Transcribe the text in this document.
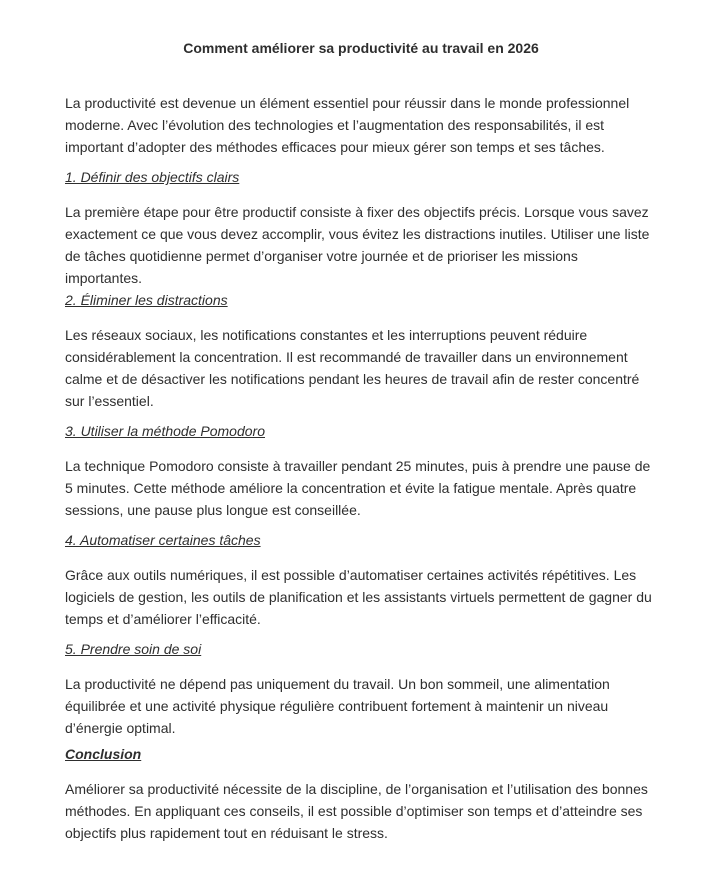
Comment améliorer sa productivité au travail en 2026

La productivité est devenue un élément essentiel pour réussir dans le monde professionnel moderne. Avec l’évolution des technologies et l’augmentation des responsabilités, il est important d’adopter des méthodes efficaces pour mieux gérer son temps et ses tâches.

1. Définir des objectifs clairs

La première étape pour être productif consiste à fixer des objectifs précis. Lorsque vous savez exactement ce que vous devez accomplir, vous évitez les distractions inutiles. Utiliser une liste de tâches quotidienne permet d’organiser votre journée et de prioriser les missions importantes.

2. Éliminer les distractions

Les réseaux sociaux, les notifications constantes et les interruptions peuvent réduire considérablement la concentration. Il est recommandé de travailler dans un environnement calme et de désactiver les notifications pendant les heures de travail afin de rester concentré sur l’essentiel.

3. Utiliser la méthode Pomodoro

La technique Pomodoro consiste à travailler pendant 25 minutes, puis à prendre une pause de 5 minutes. Cette méthode améliore la concentration et évite la fatigue mentale. Après quatre sessions, une pause plus longue est conseillée.

4. Automatiser certaines tâches

Grâce aux outils numériques, il est possible d’automatiser certaines activités répétitives. Les logiciels de gestion, les outils de planification et les assistants virtuels permettent de gagner du temps et d’améliorer l’efficacité.

5. Prendre soin de soi

La productivité ne dépend pas uniquement du travail. Un bon sommeil, une alimentation équilibrée et une activité physique régulière contribuent fortement à maintenir un niveau d’énergie optimal.

Conclusion

Améliorer sa productivité nécessite de la discipline, de l’organisation et l’utilisation des bonnes méthodes. En appliquant ces conseils, il est possible d’optimiser son temps et d’atteindre ses objectifs plus rapidement tout en réduisant le stress.
